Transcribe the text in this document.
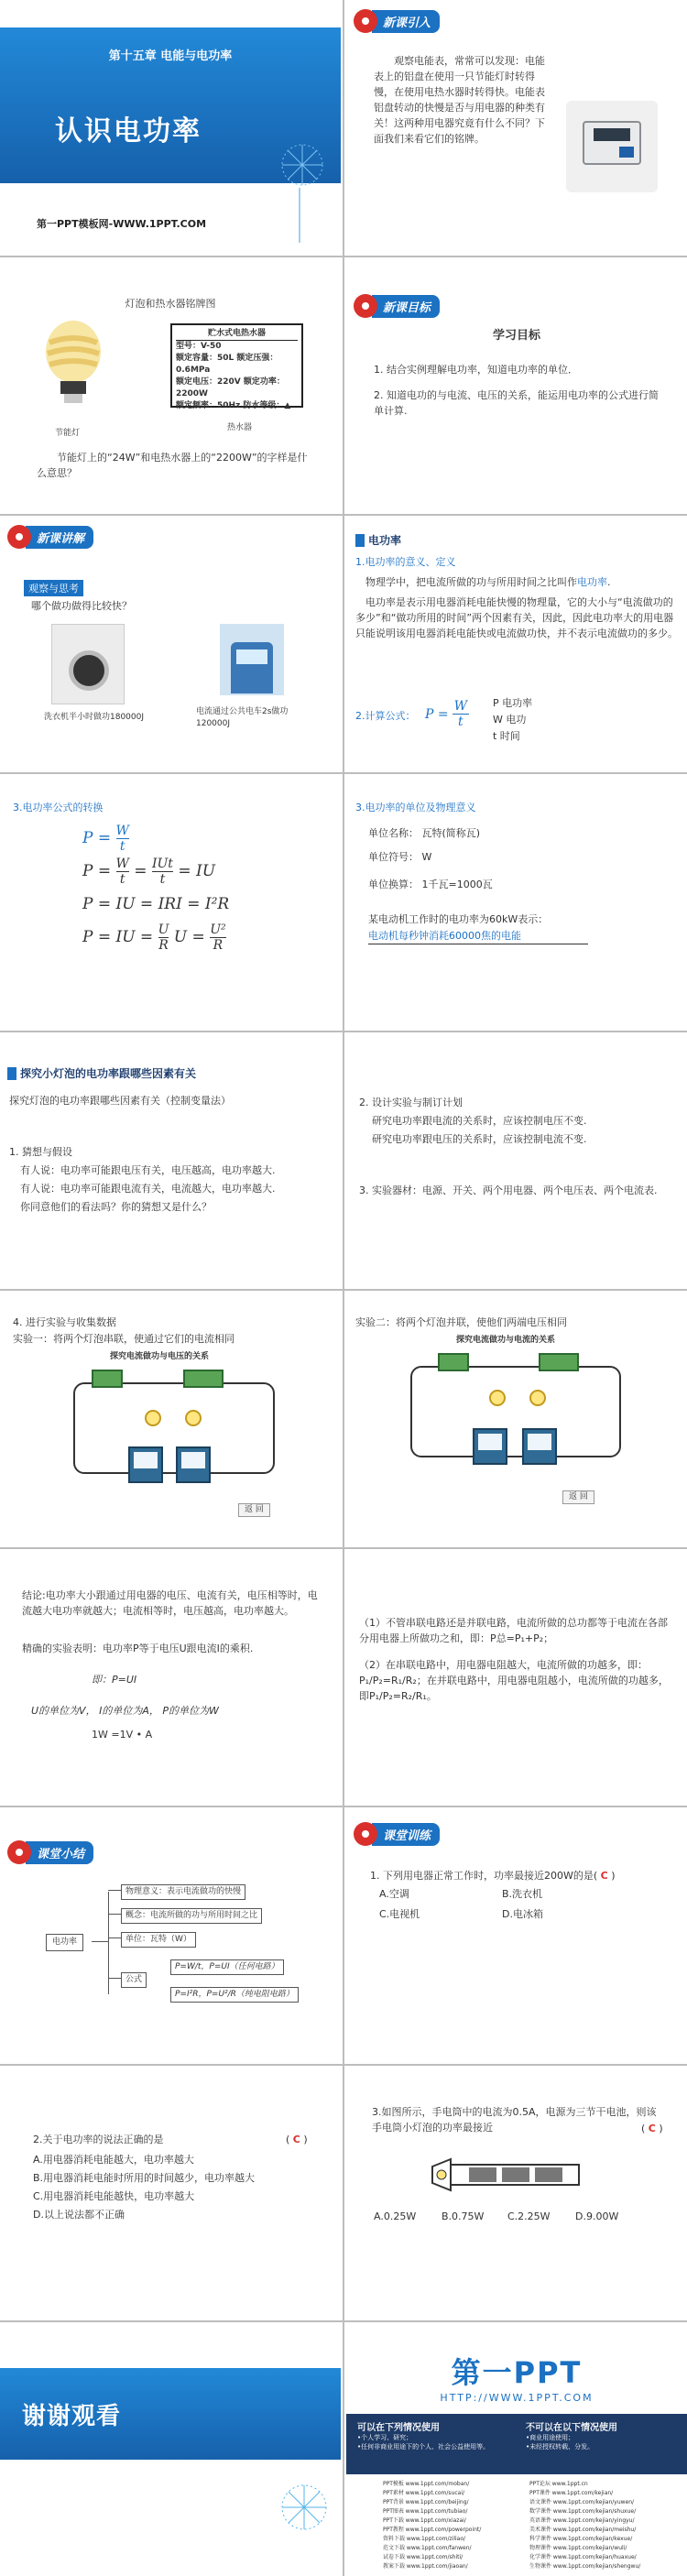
第十五章 电能与电功率
认识电功率
第一PPT模板网-WWW.1PPT.COM
新课引入
观察电能表，常常可以发现：电能表上的铝盘在使用一只节能灯时转得慢，在使用电热水器时转得快。电能表铝盘转动的快慢是否与用电器的种类有关！这两种用电器究竟有什么不同？下面我们来看它们的铭牌。
灯泡和热水器铭牌图
贮水式电热水器
型号：V-50
额定容量：50L 额定压强：0.6MPa
额定电压：220V 额定功率：2200W
额定频率：50Hz 防水等级：▲
节能灯
热水器
节能灯上的“24W”和电热水器上的“2200W”的字样是什么意思？
新课目标
学习目标
1. 结合实例理解电功率，知道电功率的单位．
2. 知道电功的与电流、电压的关系，能运用电功率的公式进行简单计算.
新课讲解
观察与思考
哪个做功做得比较快？
洗衣机半小时做功180000J
电流通过公共电车2s做功120000J
电功率
1.电功率的意义、定义
物理学中，把电流所做的功与所用时间之比叫作电功率.
电功率是表示用电器消耗电能快慢的物理量，它的大小与“电流做功的多少”和“做功所用的时间”两个因素有关，因此，因此电功率大的用电器只能说明该用电器消耗电能快或电流做功快，并不表示电流做功的多少。
2.计算公式： $P = \frac{W}{t}$ P 电功率
W 电功
t 时间
3.电功率公式的转换
P = W
t
P = W
t = IUt
t = IU
P = IU = IRI = I²R
P = IU = U
R U = U²
R
3.电功率的单位及物理意义
单位名称： 瓦特(简称瓦)
单位符号： W
单位换算： 1千瓦=1000瓦
某电动机工作时的电功率为60kW表示：
电动机每秒钟消耗60000焦的电能
探究小灯泡的电功率跟哪些因素有关
探究灯泡的电功率跟哪些因素有关（控制变量法）
1. 猜想与假设
有人说：电功率可能跟电压有关，电压越高，电功率越大.
有人说：电功率可能跟电流有关，电流越大，电功率越大.
你同意他们的看法吗？你的猜想又是什么？
2. 设计实验与制订计划
研究电功率跟电流的关系时，应该控制电压不变.
研究电功率跟电压的关系时，应该控制电流不变.
3. 实验器材：电源、开关、两个用电器、两个电压表、两个电流表.
4. 进行实验与收集数据
实验一：将两个灯泡串联，使通过它们的电流相同
探究电流做功与电压的关系
返 回
实验二：将两个灯泡并联，使他们两端电压相同
探究电流做功与电流的关系
返 回
结论:电功率大小跟通过用电器的电压、电流有关，电压相等时，电流越大电功率就越大；电流相等时，电压越高，电功率越大。
精确的实验表明：电功率P等于电压U跟电流I的乘积.
即：P=UI
U的单位为V， I的单位为A， P的单位为W
1W =1V • A
（1）不管串联电路还是并联电路，电流所做的总功都等于电流在各部分用电器上所做功之和，即：P总=P₁+P₂；
（2）在串联电路中，用电器电阻越大，电流所做的功越多，即：P₁/P₂=R₁/R₂；在并联电路中，用电器电阻越小，电流所做的功越多，即P₁/P₂=R₂/R₁。
课堂小结
电功率
物理意义：表示电流做功的快慢
概念：电流所做的功与所用时间之比
单位：瓦特（W）
公式
P=W/t，P=UI（任何电路）
P=I²R，P=U²/R（纯电阻电路）
课堂训练
1. 下列用电器正常工作时，功率最接近200W的是( C )
A.空调	B.洗衣机
C.电视机	D.电冰箱
2.关于电功率的说法正确的是	( C )
A.用电器消耗电能越大，电功率越大
B.用电器消耗电能时所用的时间越少，电功率越大
C.用电器消耗电能越快，电功率越大
D.以上说法都不正确
3.如图所示，手电筒中的电流为0.5A，电源为三节干电池，则该手电筒小灯泡的功率最接近	( C )
A.0.25W	B.0.75W C.2.25W D.9.00W
谢谢观看
第一PPT
HTTP://WWW.1PPT.COM
可以在下列情况使用
•个人学习、研究；
•任何非商业用途下的个人、社会公益使用等。
不可以在以下情况使用
•商业用途使用；
•未经授权转载、分发。
PPT模板 www.1ppt.com/moban/
PPT素材 www.1ppt.com/sucai/
PPT背景 www.1ppt.com/beijing/
PPT图表 www.1ppt.com/tubiao/
PPT下载 www.1ppt.com/xiazai/
PPT教程 www.1ppt.com/powerpoint/
资料下载 www.1ppt.com/ziliao/
范文下载 www.1ppt.com/fanwen/
试卷下载 www.1ppt.com/shiti/
教案下载 www.1ppt.com/jiaoan/
PPT论坛 www.1ppt.cn
PPT课件 www.1ppt.com/kejian/
语文课件 www.1ppt.com/kejian/yuwen/
数学课件 www.1ppt.com/kejian/shuxue/
英语课件 www.1ppt.com/kejian/yingyu/
美术课件 www.1ppt.com/kejian/meishu/
科学课件 www.1ppt.com/kejian/kexue/
物理课件 www.1ppt.com/kejian/wuli/
化学课件 www.1ppt.com/kejian/huaxue/
生物课件 www.1ppt.com/kejian/shengwu/
